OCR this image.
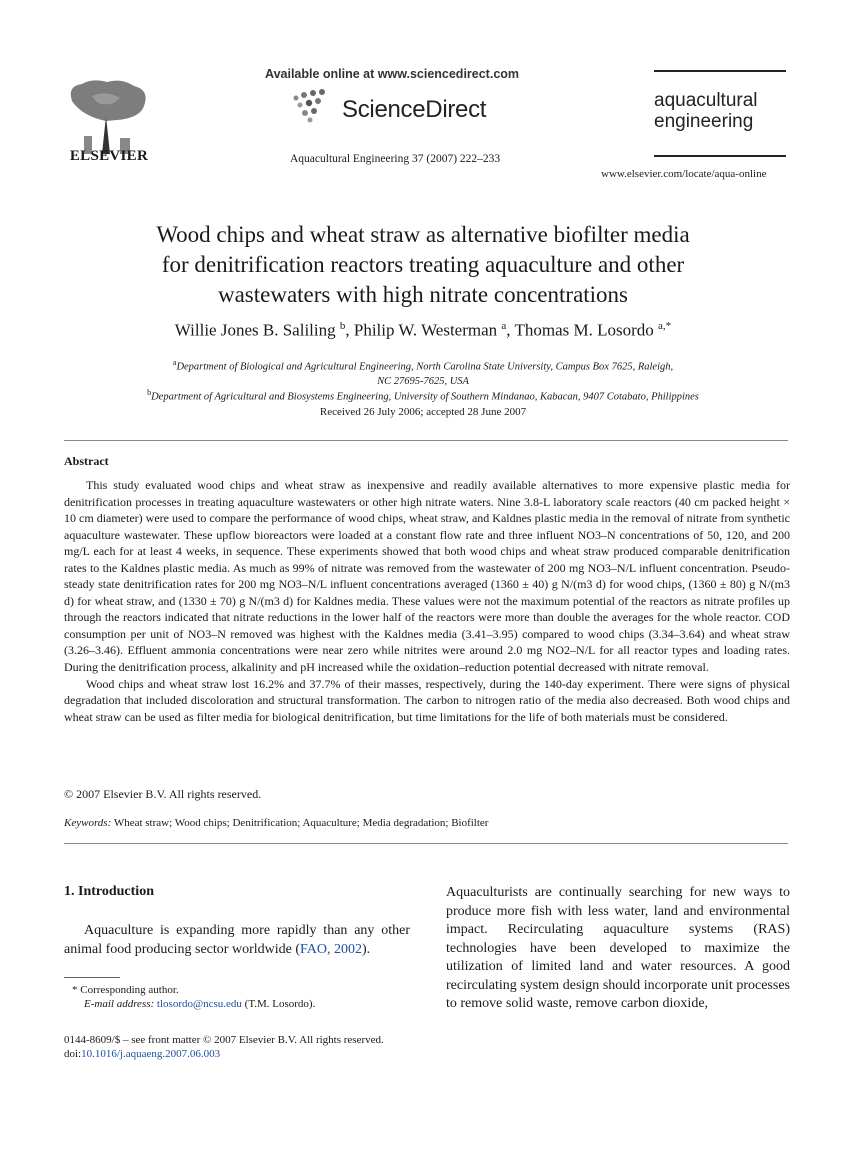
ELSEVIER
Available online at www.sciencedirect.com
ScienceDirect
Aquacultural Engineering 37 (2007) 222–233
aquacultural
engineering
www.elsevier.com/locate/aqua-online
Wood chips and wheat straw as alternative biofilter media
for denitrification reactors treating aquaculture and other
wastewaters with high nitrate concentrations
Willie Jones B. Saliling $^b$, Philip W. Westerman $^a$, Thomas M. Losordo $^{a,*}$
$^a$Department of Biological and Agricultural Engineering, North Carolina State University, Campus Box 7625, Raleigh,
NC 27695-7625, USA
$^b$Department of Agricultural and Biosystems Engineering, University of Southern Mindanao, Kabacan, 9407 Cotabato, Philippines
Received 26 July 2006; accepted 28 June 2007
Abstract

This study evaluated wood chips and wheat straw as inexpensive and readily available alternatives to more expensive plastic media for denitrification processes in treating aquaculture wastewaters or other high nitrate waters. Nine 3.8-L laboratory scale reactors (40 cm packed height × 10 cm diameter) were used to compare the performance of wood chips, wheat straw, and Kaldnes plastic media in the removal of nitrate from synthetic aquaculture wastewater. These upflow bioreactors were loaded at a constant flow rate and three influent NO3–N concentrations of 50, 120, and 200 mg/L each for at least 4 weeks, in sequence. These experiments showed that both wood chips and wheat straw produced comparable denitrification rates to the Kaldnes plastic media. As much as 99% of nitrate was removed from the wastewater of 200 mg NO3–N/L influent concentration. Pseudo-steady state denitrification rates for 200 mg NO3–N/L influent concentrations averaged (1360 ± 40) g N/(m3 d) for wood chips, (1360 ± 80) g N/(m3 d) for wheat straw, and (1330 ± 70) g N/(m3 d) for Kaldnes media. These values were not the maximum potential of the reactors as nitrate profiles up through the reactors indicated that nitrate reductions in the lower half of the reactors were more than double the averages for the whole reactor. COD consumption per unit of NO3–N removed was highest with the Kaldnes media (3.41–3.95) compared to wood chips (3.34–3.64) and wheat straw (3.26–3.46). Effluent ammonia concentrations were near zero while nitrites were around 2.0 mg NO2–N/L for all reactor types and loading rates. During the denitrification process, alkalinity and pH increased while the oxidation–reduction potential decreased with nitrate removal.

Wood chips and wheat straw lost 16.2% and 37.7% of their masses, respectively, during the 140-day experiment. There were signs of physical degradation that included discoloration and structural transformation. The carbon to nitrogen ratio of the media also decreased. Both wood chips and wheat straw can be used as filter media for biological denitrification, but time limitations for the life of both materials must be considered.

© 2007 Elsevier B.V. All rights reserved.
Keywords: Wheat straw; Wood chips; Denitrification; Aquaculture; Media degradation; Biofilter
1. Introduction

Aquaculture is expanding more rapidly than any other animal food producing sector worldwide (FAO, 2002).

Aquaculturists are continually searching for new ways to produce more fish with less water, land and environmental impact. Recirculating aquaculture systems (RAS) technologies have been developed to maximize the utilization of limited land and water resources. A good recirculating system design should incorporate unit processes to remove solid waste, remove carbon dioxide,
* Corresponding author.
E-mail address: tlosordo@ncsu.edu (T.M. Losordo).
0144-8609/$ – see front matter © 2007 Elsevier B.V. All rights reserved.
doi:10.1016/j.aquaeng.2007.06.003
